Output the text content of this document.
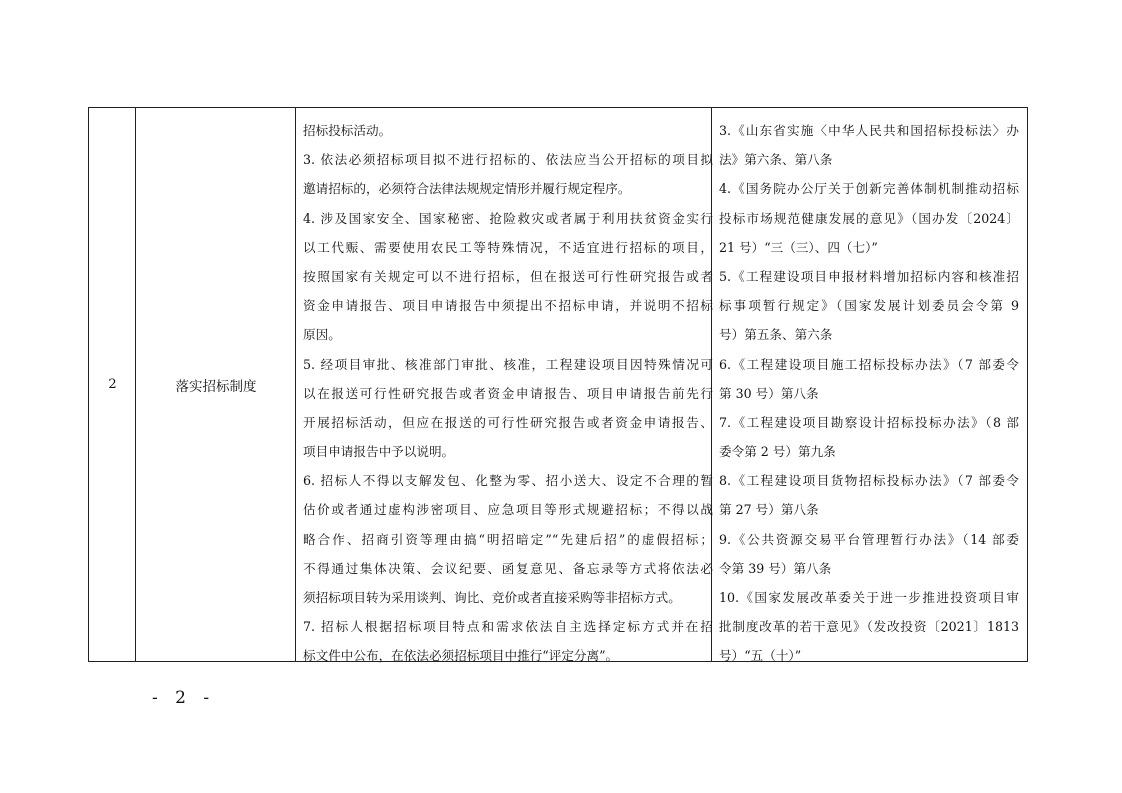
2	落实招标制度
招标投标活动。
3. 依法必须招标项目拟不进行招标的、依法应当公开招标的项目拟
邀请招标的，必须符合法律法规规定情形并履行规定程序。
4. 涉及国家安全、国家秘密、抢险救灾或者属于利用扶贫资金实行
以工代赈、需要使用农民工等特殊情况，不适宜进行招标的项目，
按照国家有关规定可以不进行招标，但在报送可行性研究报告或者
资金申请报告、项目申请报告中须提出不招标申请，并说明不招标
原因。
5. 经项目审批、核准部门审批、核准，工程建设项目因特殊情况可
以在报送可行性研究报告或者资金申请报告、项目申请报告前先行
开展招标活动，但应在报送的可行性研究报告或者资金申请报告、
项目申请报告中予以说明。
6. 招标人不得以支解发包、化整为零、招小送大、设定不合理的暂
估价或者通过虚构涉密项目、应急项目等形式规避招标；不得以战
略合作、招商引资等理由搞“明招暗定”“先建后招”的虚假招标；
不得通过集体决策、会议纪要、函复意见、备忘录等方式将依法必
须招标项目转为采用谈判、询比、竞价或者直接采购等非招标方式。
7. 招标人根据招标项目特点和需求依法自主选择定标方式并在招
标文件中公布，在依法必须招标项目中推行“评定分离”。
3.《山东省实施〈中华人民共和国招标投标法〉办
法》第六条、第八条
4.《国务院办公厅关于创新完善体制机制推动招标
投标市场规范健康发展的意见》（国办发〔2024〕
21 号）“三（三）、四（七）”
5.《工程建设项目申报材料增加招标内容和核准招
标事项暂行规定》（国家发展计划委员会令第 9
号）第五条、第六条
6.《工程建设项目施工招标投标办法》（7 部委令
第 30 号）第八条
7.《工程建设项目勘察设计招标投标办法》（8 部
委令第 2 号）第九条
8.《工程建设项目货物招标投标办法》（7 部委令
第 27 号）第八条
9.《公共资源交易平台管理暂行办法》（14 部委
令第 39 号）第八条
10.《国家发展改革委关于进一步推进投资项目审
批制度改革的若干意见》（发改投资〔2021〕1813
号）“五（十）”
- 2 -
